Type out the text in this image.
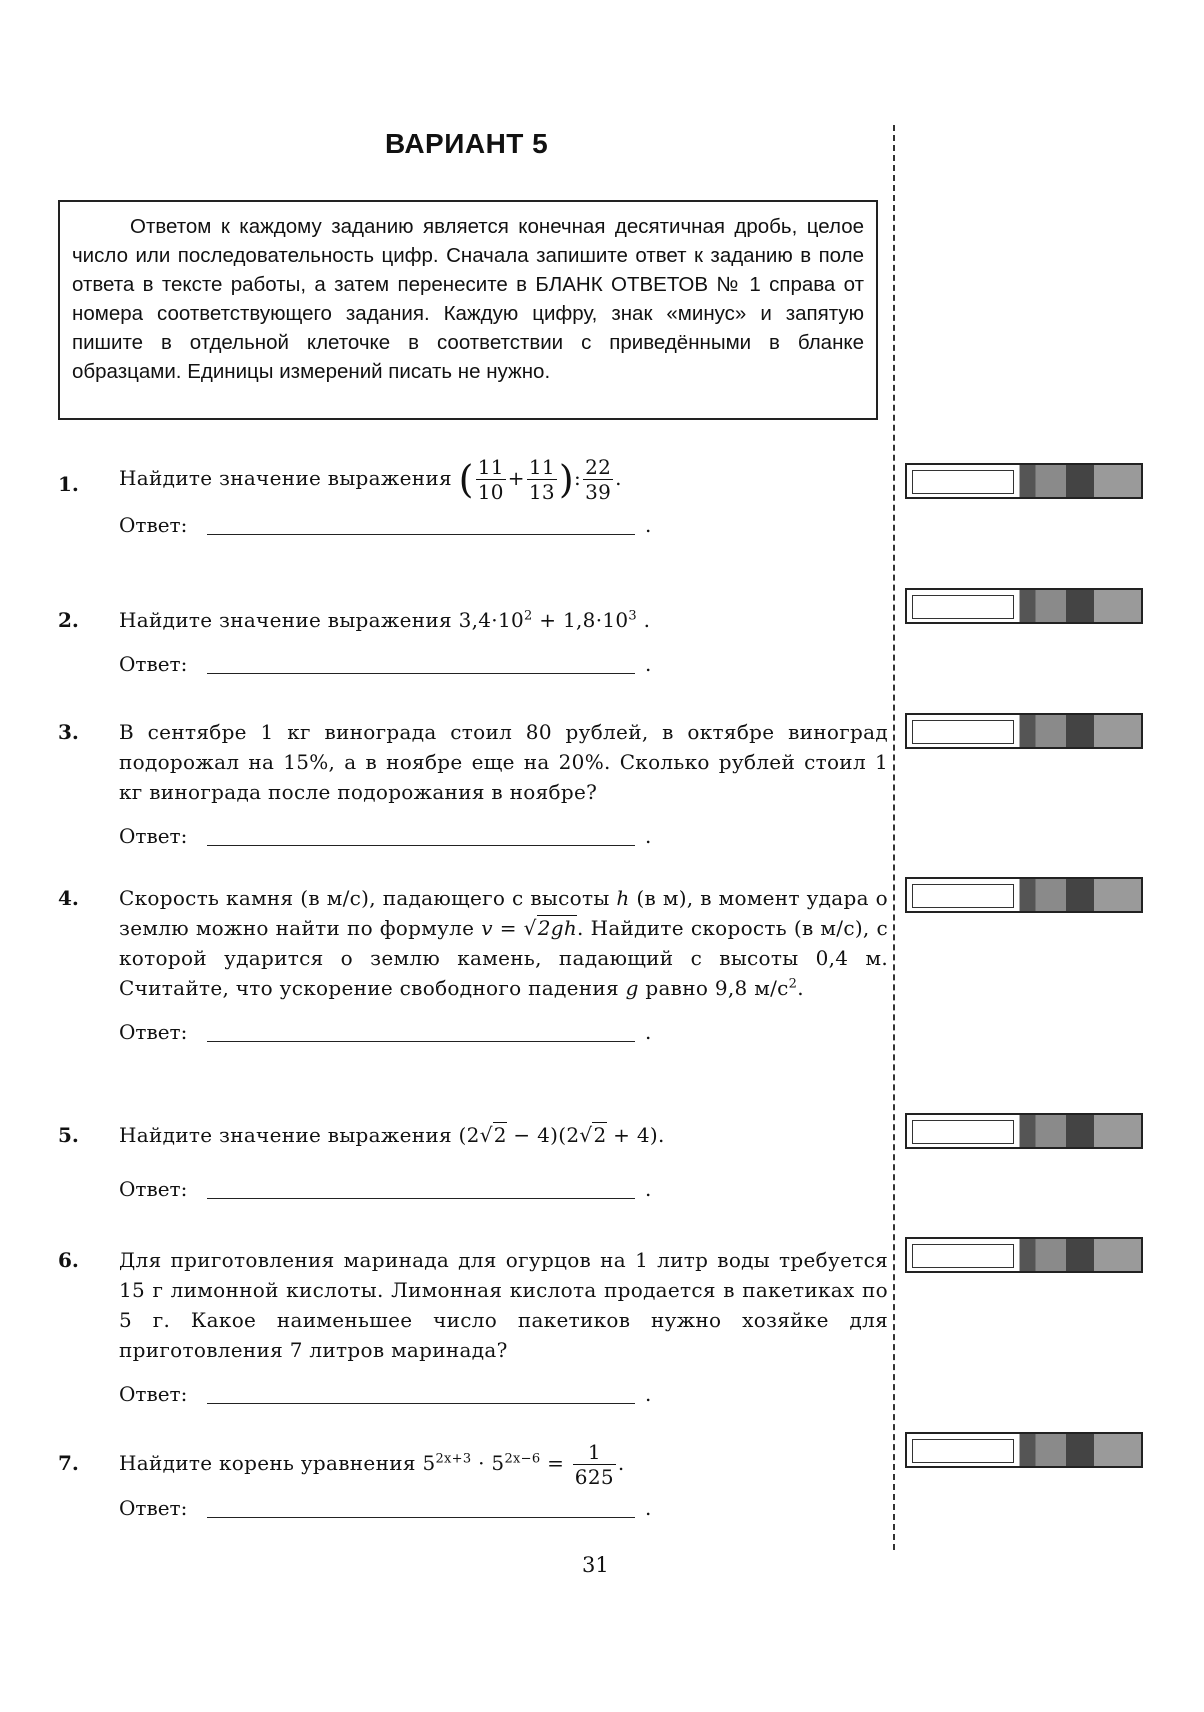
ВАРИАНТ 5
Ответом к каждому заданию является конечная десятичная дробь, целое число или последовательность цифр. Сначала запишите ответ к заданию в поле ответа в тексте работы, а затем перенесите в БЛАНК ОТВЕТОВ № 1 справа от номера соответствующего задания. Каждую цифру, знак «минус» и запятую пишите в отдельной клеточке в соответствии с приведёнными в бланке образцами. Единицы измерений писать не нужно.
1. Найдите значение выражения ( $\frac{11}{10} + \frac{11}{13}$ ): $\frac{22}{39}$ .
Ответ:	.
2. Найдите значение выражения $3,4\cdot 10^2 + 1,8\cdot 10^3$ .
Ответ:	.
3. В сентябре 1 кг винограда стоил 80 рублей, в октябре виноград подорожал на 15%, а в ноябре еще на 20%. Сколько рублей стоил 1 кг винограда после подорожания в ноябре?
Ответ:	.
4. Скорость камня (в м/с), падающего с высоты h (в м), в момент удара о землю можно найти по формуле v = √2gh. Найдите скорость (в м/с), с которой ударится о землю камень, падающий с высоты 0,4 м. Считайте, что ускорение свободного падения g равно 9,8 $м/с^2$.
Ответ:	.
5. Найдите значение выражения (2√2 − 4)(2√2 + 4).
Ответ:	.
6. Для приготовления маринада для огурцов на 1 литр воды требуется 15 г лимонной кислоты. Лимонная кислота продается в пакетиках по 5 г. Какое наименьшее число пакетиков нужно хозяйке для приготовления 7 литров маринада?
Ответ:	.
7. Найдите корень уравнения $5^{2x+3} \cdot 5^{2x-6} = \frac{1}{625}$ .
Ответ:	.
31
